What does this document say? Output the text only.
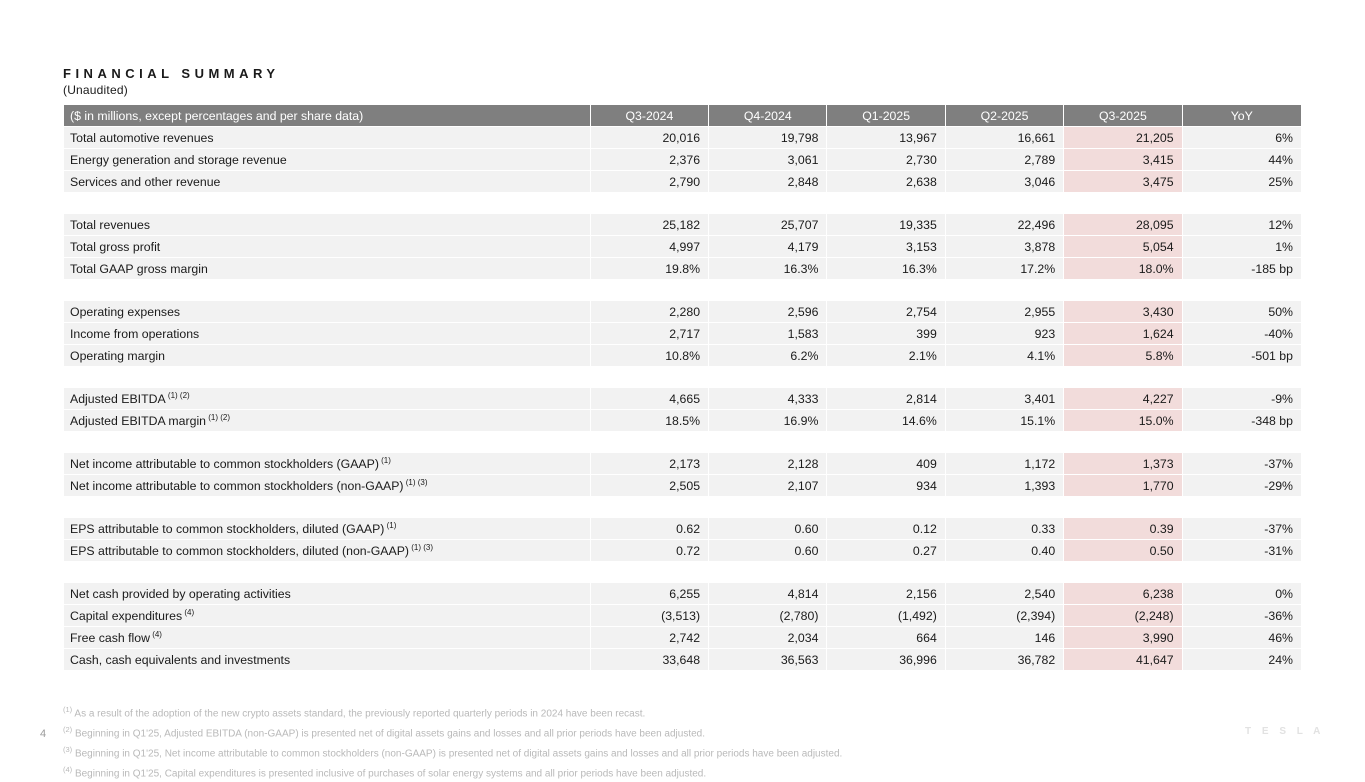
FINANCIAL SUMMARY
(Unaudited)
($ in millions, except percentages and per share data)	Q3-2024	Q4-2024	Q1-2025	Q2-2025	Q3-2025	YoY
Total automotive revenues	20,016	19,798	13,967	16,661	21,205	6%
Energy generation and storage revenue	2,376	3,061	2,730	2,789	3,415	44%
Services and other revenue	2,790	2,848	2,638	3,046	3,475	25%

Total revenues	25,182	25,707	19,335	22,496	28,095	12%
Total gross profit	4,997	4,179	3,153	3,878	5,054	1%
Total GAAP gross margin	19.8%	16.3%	16.3%	17.2%	18.0%	-185 bp

Operating expenses	2,280	2,596	2,754	2,955	3,430	50%
Income from operations	2,717	1,583	399	923	1,624	-40%
Operating margin	10.8%	6.2%	2.1%	4.1%	5.8%	-501 bp

Adjusted EBITDA $^{(1) (2)}$	4,665	4,333	2,814	3,401	4,227	-9%
Adjusted EBITDA margin $^{(1) (2)}$	18.5%	16.9%	14.6%	15.1%	15.0%	-348 bp

Net income attributable to common stockholders (GAAP) $^{(1)}$	2,173	2,128	409	1,172	1,373	-37%
Net income attributable to common stockholders (non-GAAP) $^{(1) (3)}$	2,505	2,107	934	1,393	1,770	-29%

EPS attributable to common stockholders, diluted (GAAP) $^{(1)}$	0.62	0.60	0.12	0.33	0.39	-37%
EPS attributable to common stockholders, diluted (non-GAAP) $^{(1) (3)}$	0.72	0.60	0.27	0.40	0.50	-31%

Net cash provided by operating activities	6,255	4,814	2,156	2,540	6,238	0%
Capital expenditures $^{(4)}$	(3,513)	(2,780)	(1,492)	(2,394)	(2,248)	-36%
Free cash flow $^{(4)}$	2,742	2,034	664	146	3,990	46%
Cash, cash equivalents and investments	33,648	36,563	36,996	36,782	41,647	24%
$^{(1)}$ As a result of the adoption of the new crypto assets standard, the previously reported quarterly periods in 2024 have been recast.
$^{(2)}$ Beginning in Q1'25, Adjusted EBITDA (non-GAAP) is presented net of digital assets gains and losses and all prior periods have been adjusted.
$^{(3)}$ Beginning in Q1'25, Net income attributable to common stockholders (non-GAAP) is presented net of digital assets gains and losses and all prior periods have been adjusted.
$^{(4)}$ Beginning in Q1'25, Capital expenditures is presented inclusive of purchases of solar energy systems and all prior periods have been adjusted.
4	T E S L A
